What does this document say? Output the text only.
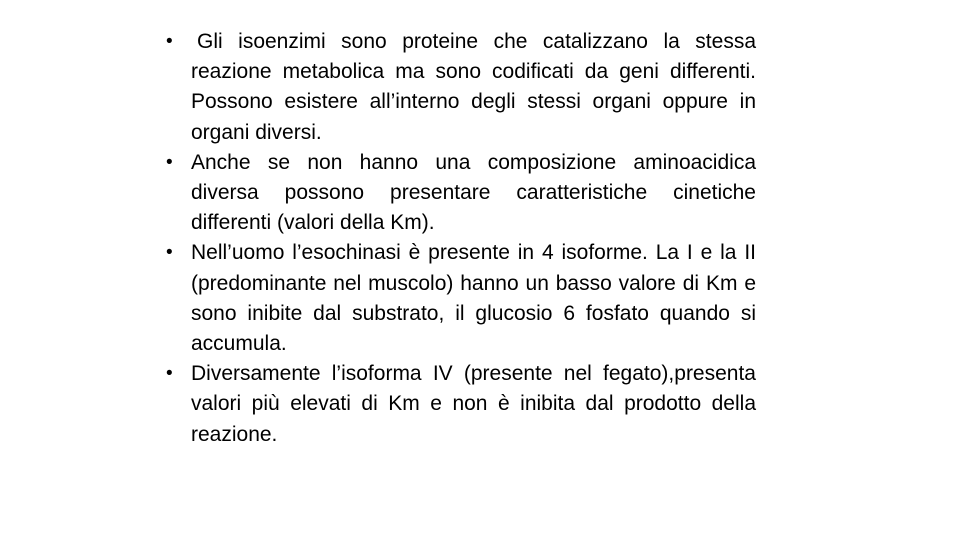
• Gli isoenzimi sono proteine che catalizzano la stessa reazione metabolica ma sono codificati da geni differenti. Possono esistere all’interno degli stessi organi oppure in organi diversi.
• Anche se non hanno una composizione aminoacidica diversa possono presentare caratteristiche cinetiche differenti (valori della Km).
• Nell’uomo l’esochinasi è presente in 4 isoforme. La I e la II (predominante nel muscolo) hanno un basso valore di Km e sono inibite dal substrato, il glucosio 6 fosfato quando si accumula.
• Diversamente l’isoforma IV (presente nel fegato),presenta valori più elevati di Km e non è inibita dal prodotto della reazione.
